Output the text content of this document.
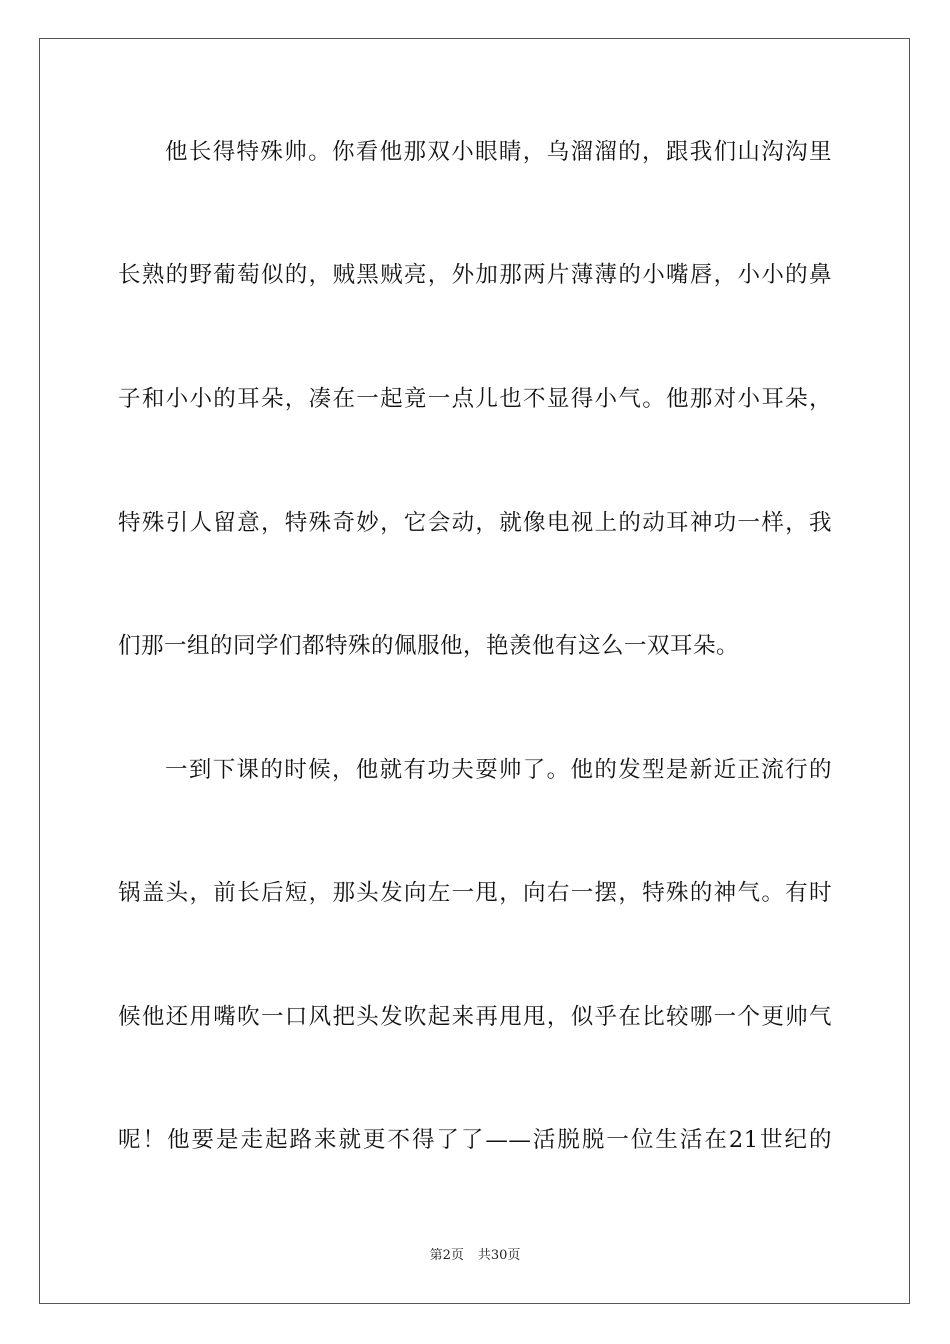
他长得特殊帅。你看他那双小眼睛，乌溜溜的，跟我们山沟沟里
长熟的野葡萄似的，贼黑贼亮，外加那两片薄薄的小嘴唇，小小的鼻
子和小小的耳朵，凑在一起竟一点儿也不显得小气。他那对小耳朵，
特殊引人留意，特殊奇妙，它会动，就像电视上的动耳神功一样，我
们那一组的同学们都特殊的佩服他，艳羡他有这么一双耳朵。
一到下课的时候，他就有功夫耍帅了。他的发型是新近正流行的
锅盖头，前长后短，那头发向左一甩，向右一摆，特殊的神气。有时
候他还用嘴吹一口风把头发吹起来再甩甩，似乎在比较哪一个更帅气
呢！他要是走起路来就更不得了了——活脱脱一位生活在21世纪的
第2页 共30页
